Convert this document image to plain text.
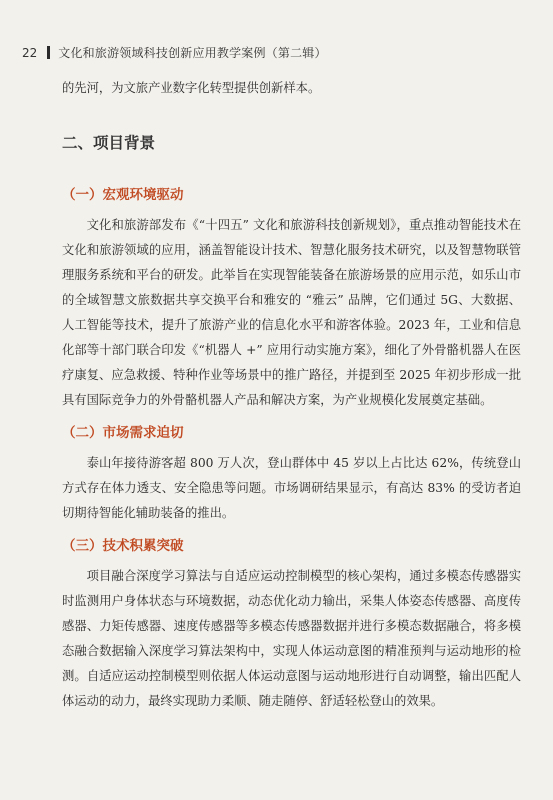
22 文化和旅游领域科技创新应用教学案例（第二辑）

的先河，为文旅产业数字化转型提供创新样本。

二、项目背景
（一）宏观环境驱动

文化和旅游部发布《“十四五” 文化和旅游科技创新规划》，重点推动智能技术在文化和旅游领域的应用，涵盖智能设计技术、智慧化服务技术研究，以及智慧物联管理服务系统和平台的研发。此举旨在实现智能装备在旅游场景的应用示范，如乐山市的全域智慧文旅数据共享交换平台和雅安的 “雅云” 品牌，它们通过 5G、大数据、人工智能等技术，提升了旅游产业的信息化水平和游客体验。2023 年，工业和信息化部等十部门联合印发《“机器人 +” 应用行动实施方案》，细化了外骨骼机器人在医疗康复、应急救援、特种作业等场景中的推广路径，并提到至 2025 年初步形成一批具有国际竞争力的外骨骼机器人产品和解决方案，为产业规模化发展奠定基础。

（二）市场需求迫切

泰山年接待游客超 800 万人次，登山群体中 45 岁以上占比达 62%，传统登山方式存在体力透支、安全隐患等问题。市场调研结果显示，有高达 83% 的受访者迫切期待智能化辅助装备的推出。

（三）技术积累突破

项目融合深度学习算法与自适应运动控制模型的核心架构，通过多模态传感器实时监测用户身体状态与环境数据，动态优化动力输出，采集人体姿态传感器、高度传感器、力矩传感器、速度传感器等多模态传感器数据并进行多模态数据融合，将多模态融合数据输入深度学习算法架构中，实现人体运动意图的精准预判与运动地形的检测。自适应运动控制模型则依据人体运动意图与运动地形进行自动调整，输出匹配人体运动的动力，最终实现助力柔顺、随走随停、舒适轻松登山的效果。
